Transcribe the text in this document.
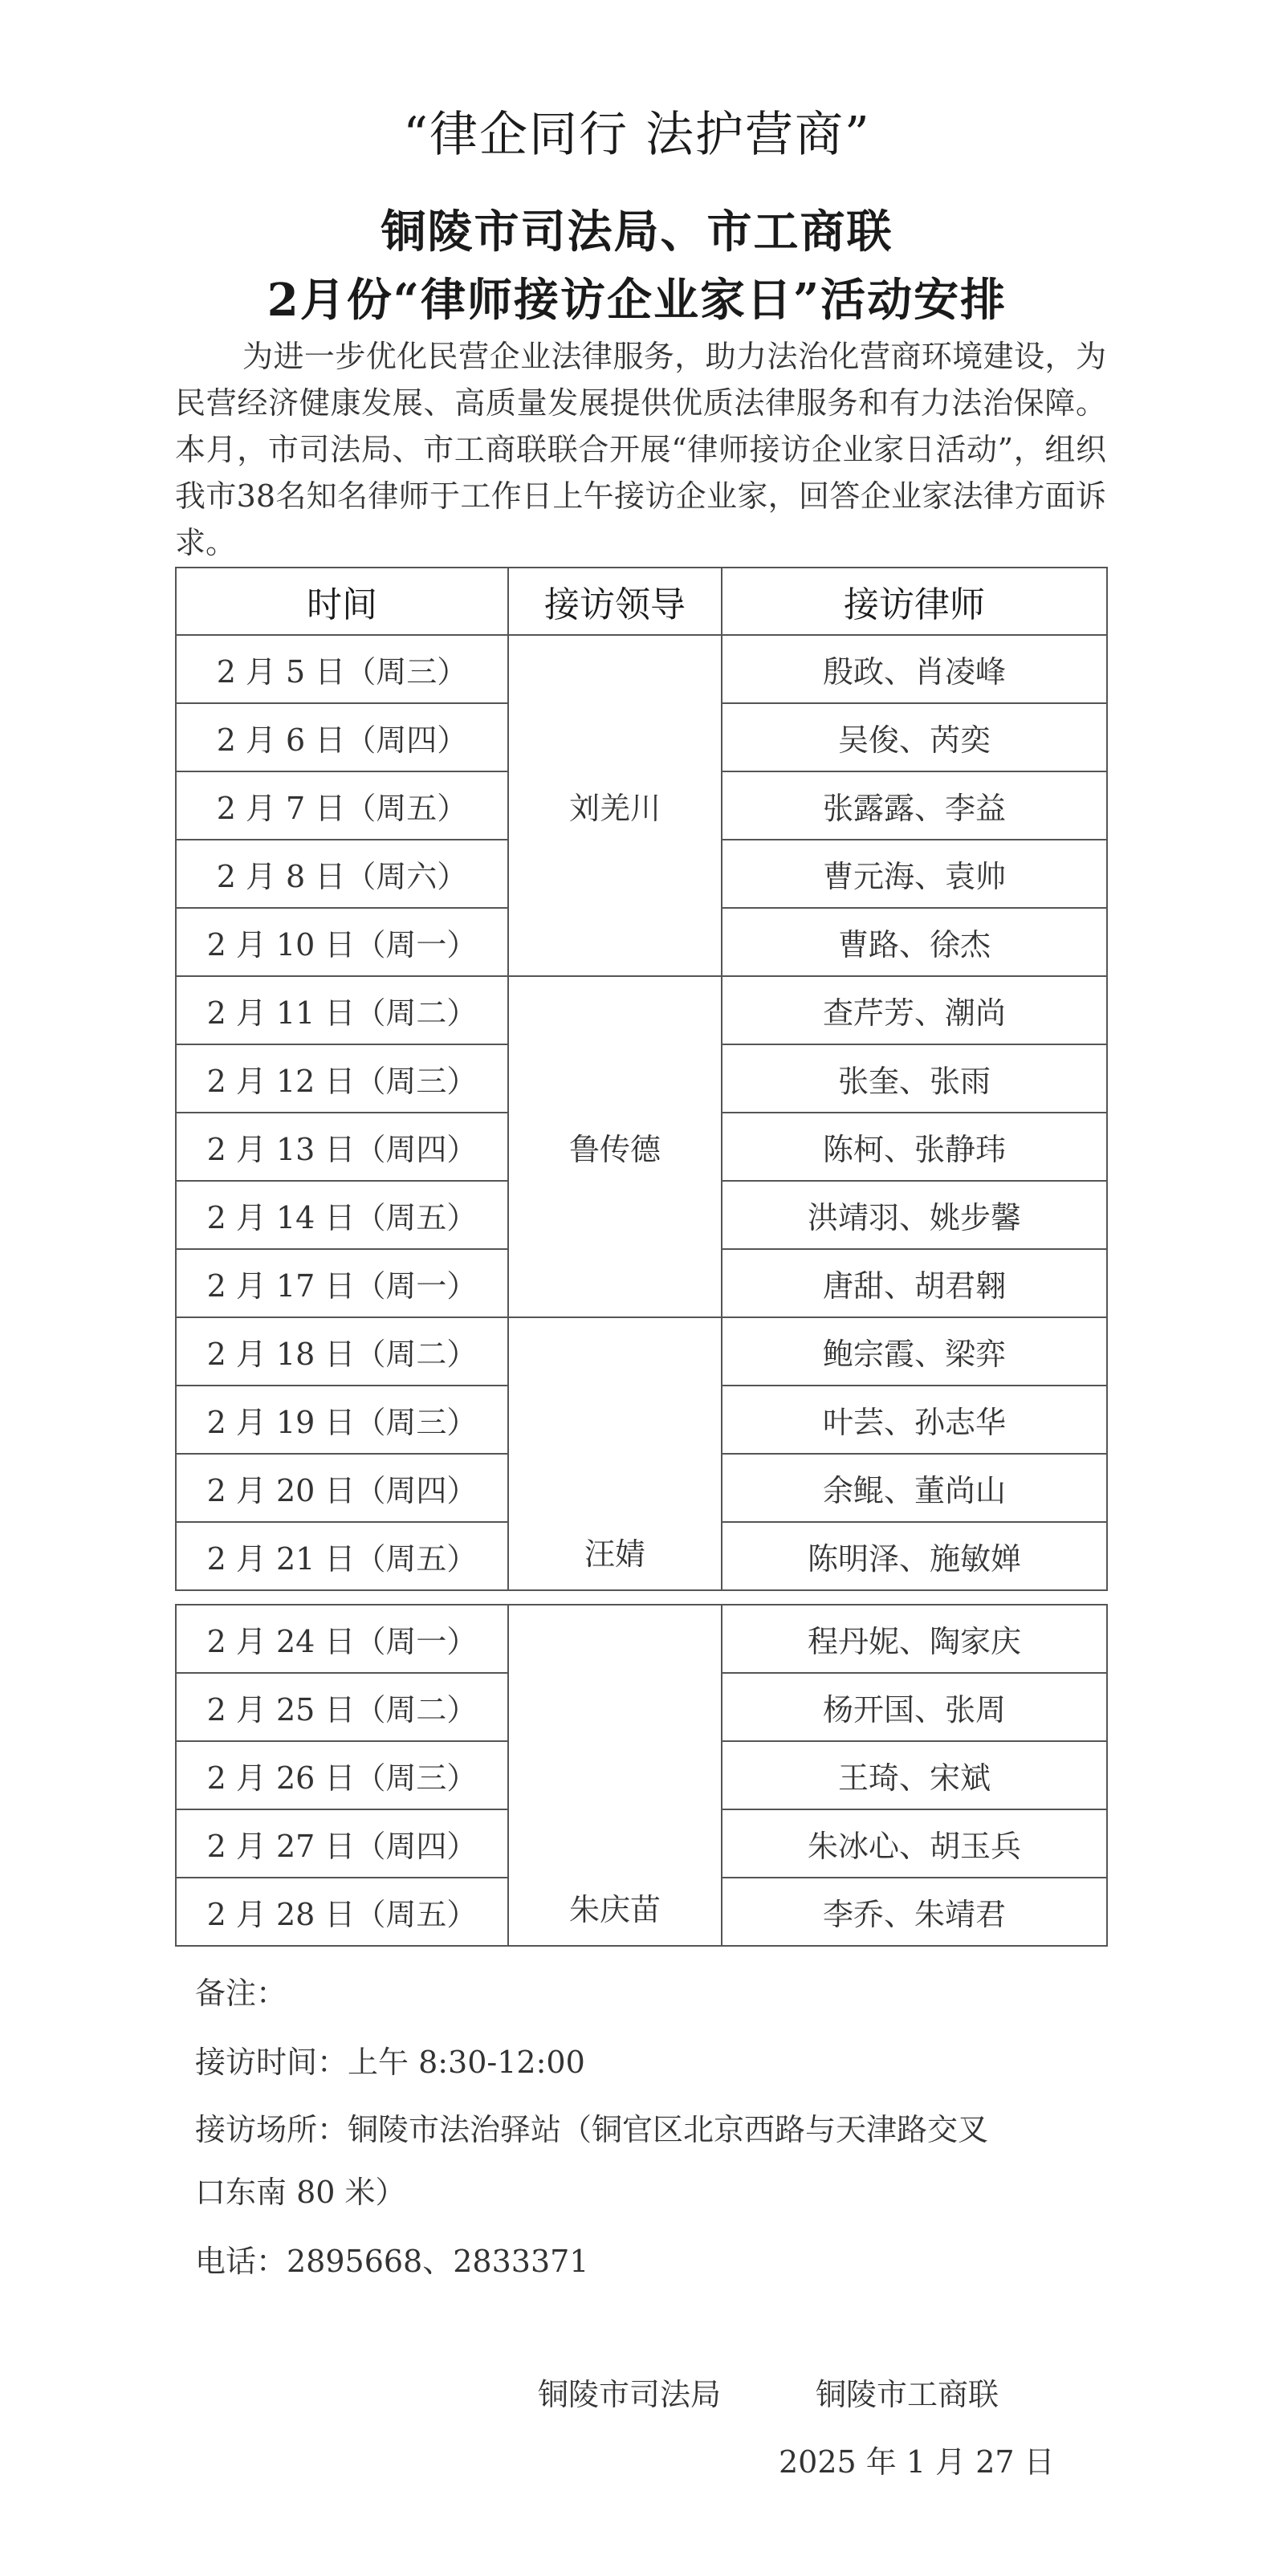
“律企同行 法护营商”
铜陵市司法局、市工商联
2月份“律师接访企业家日”活动安排
为进一步优化民营企业法律服务，助力法治化营商环境建设，为民营经济健康发展、高质量发展提供优质法律服务和有力法治保障。本月，市司法局、市工商联联合开展“律师接访企业家日活动”，组织我市38名知名律师于工作日上午接访企业家，回答企业家法律方面诉求。
时间	接访领导	接访律师
2 月 5 日（周三）	刘羌川	殷政、肖凌峰
2 月 6 日（周四）		吴俊、芮奕
2 月 7 日（周五）		张露露、李益
2 月 8 日（周六）		曹元海、袁帅
2 月 10 日（周一）		曹路、徐杰
2 月 11 日（周二）	鲁传德	查芹芳、潮尚
2 月 12 日（周三）		张奎、张雨
2 月 13 日（周四）		陈柯、张静玮
2 月 14 日（周五）		洪靖羽、姚步馨
2 月 17 日（周一）		唐甜、胡君翱
2 月 18 日（周二）	汪婧	鲍宗霞、梁弈
2 月 19 日（周三）		叶芸、孙志华
2 月 20 日（周四）		余鲲、董尚山
2 月 21 日（周五）		陈明泽、施敏婵
2 月 24 日（周一）	朱庆苗	程丹妮、陶家庆
2 月 25 日（周二）		杨开国、张周
2 月 26 日（周三）		王琦、宋斌
2 月 27 日（周四）		朱冰心、胡玉兵
2 月 28 日（周五）		李乔、朱靖君
备注：
接访时间：上午 8:30-12:00
接访场所：铜陵市法治驿站（铜官区北京西路与天津路交叉
口东南 80 米）
电话：2895668、2833371
铜陵市司法局	铜陵市工商联
2025 年 1 月 27 日
